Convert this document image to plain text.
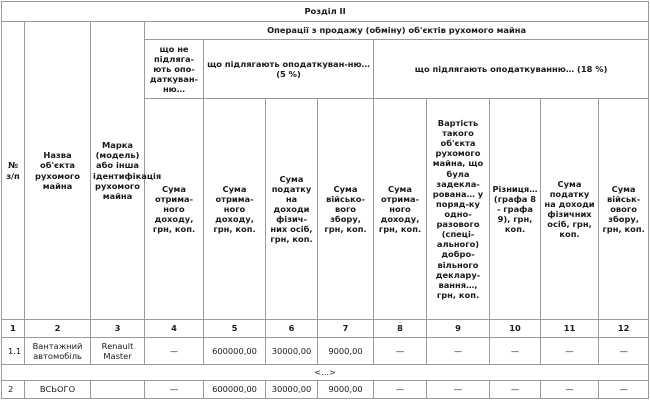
Розділ ІІ											
№ з/п	Назва об'єкта рухомого майна	Марка (модель) або інша ідентифікація рухомого майна	Операції з продажу (обміну) об'єктів рухомого майна								
			що не підляга-ють опо-даткуван-ню…	що підлягають оподаткуван-ню… (5 %)			що підлягають оподаткуванню… (18 %)				
			Сума отрима-ного доходу, грн, коп.	Сума отрима-ного доходу, грн, коп.	Сума податку на доходи фізич-них осіб, грн, коп.	Сума військо-вого збору, грн, коп.	Сума отрима-ного доходу, грн, коп.	Вартість такого об'єкта рухомого майна, що була задекла-рована… у поряд-ку одно-разового (спеці-ального) добро-вільного деклару-вання…, грн, коп.	Різниця… (графа 8 - графа 9), грн, коп.	Сума податку на доходи фізичних осіб, грн, коп.	Сума військ-ового збору, грн, коп.
1	2	3	4	5	6	7	8	9	10	11	12
1.1	Вантажний автомобіль	Renault Master	—	600000,00	30000,00	9000,00	—	—	—	—	—
<...>											
2	ВСЬОГО		—	600000,00	30000,00	9000,00	—	—	—	—	—
